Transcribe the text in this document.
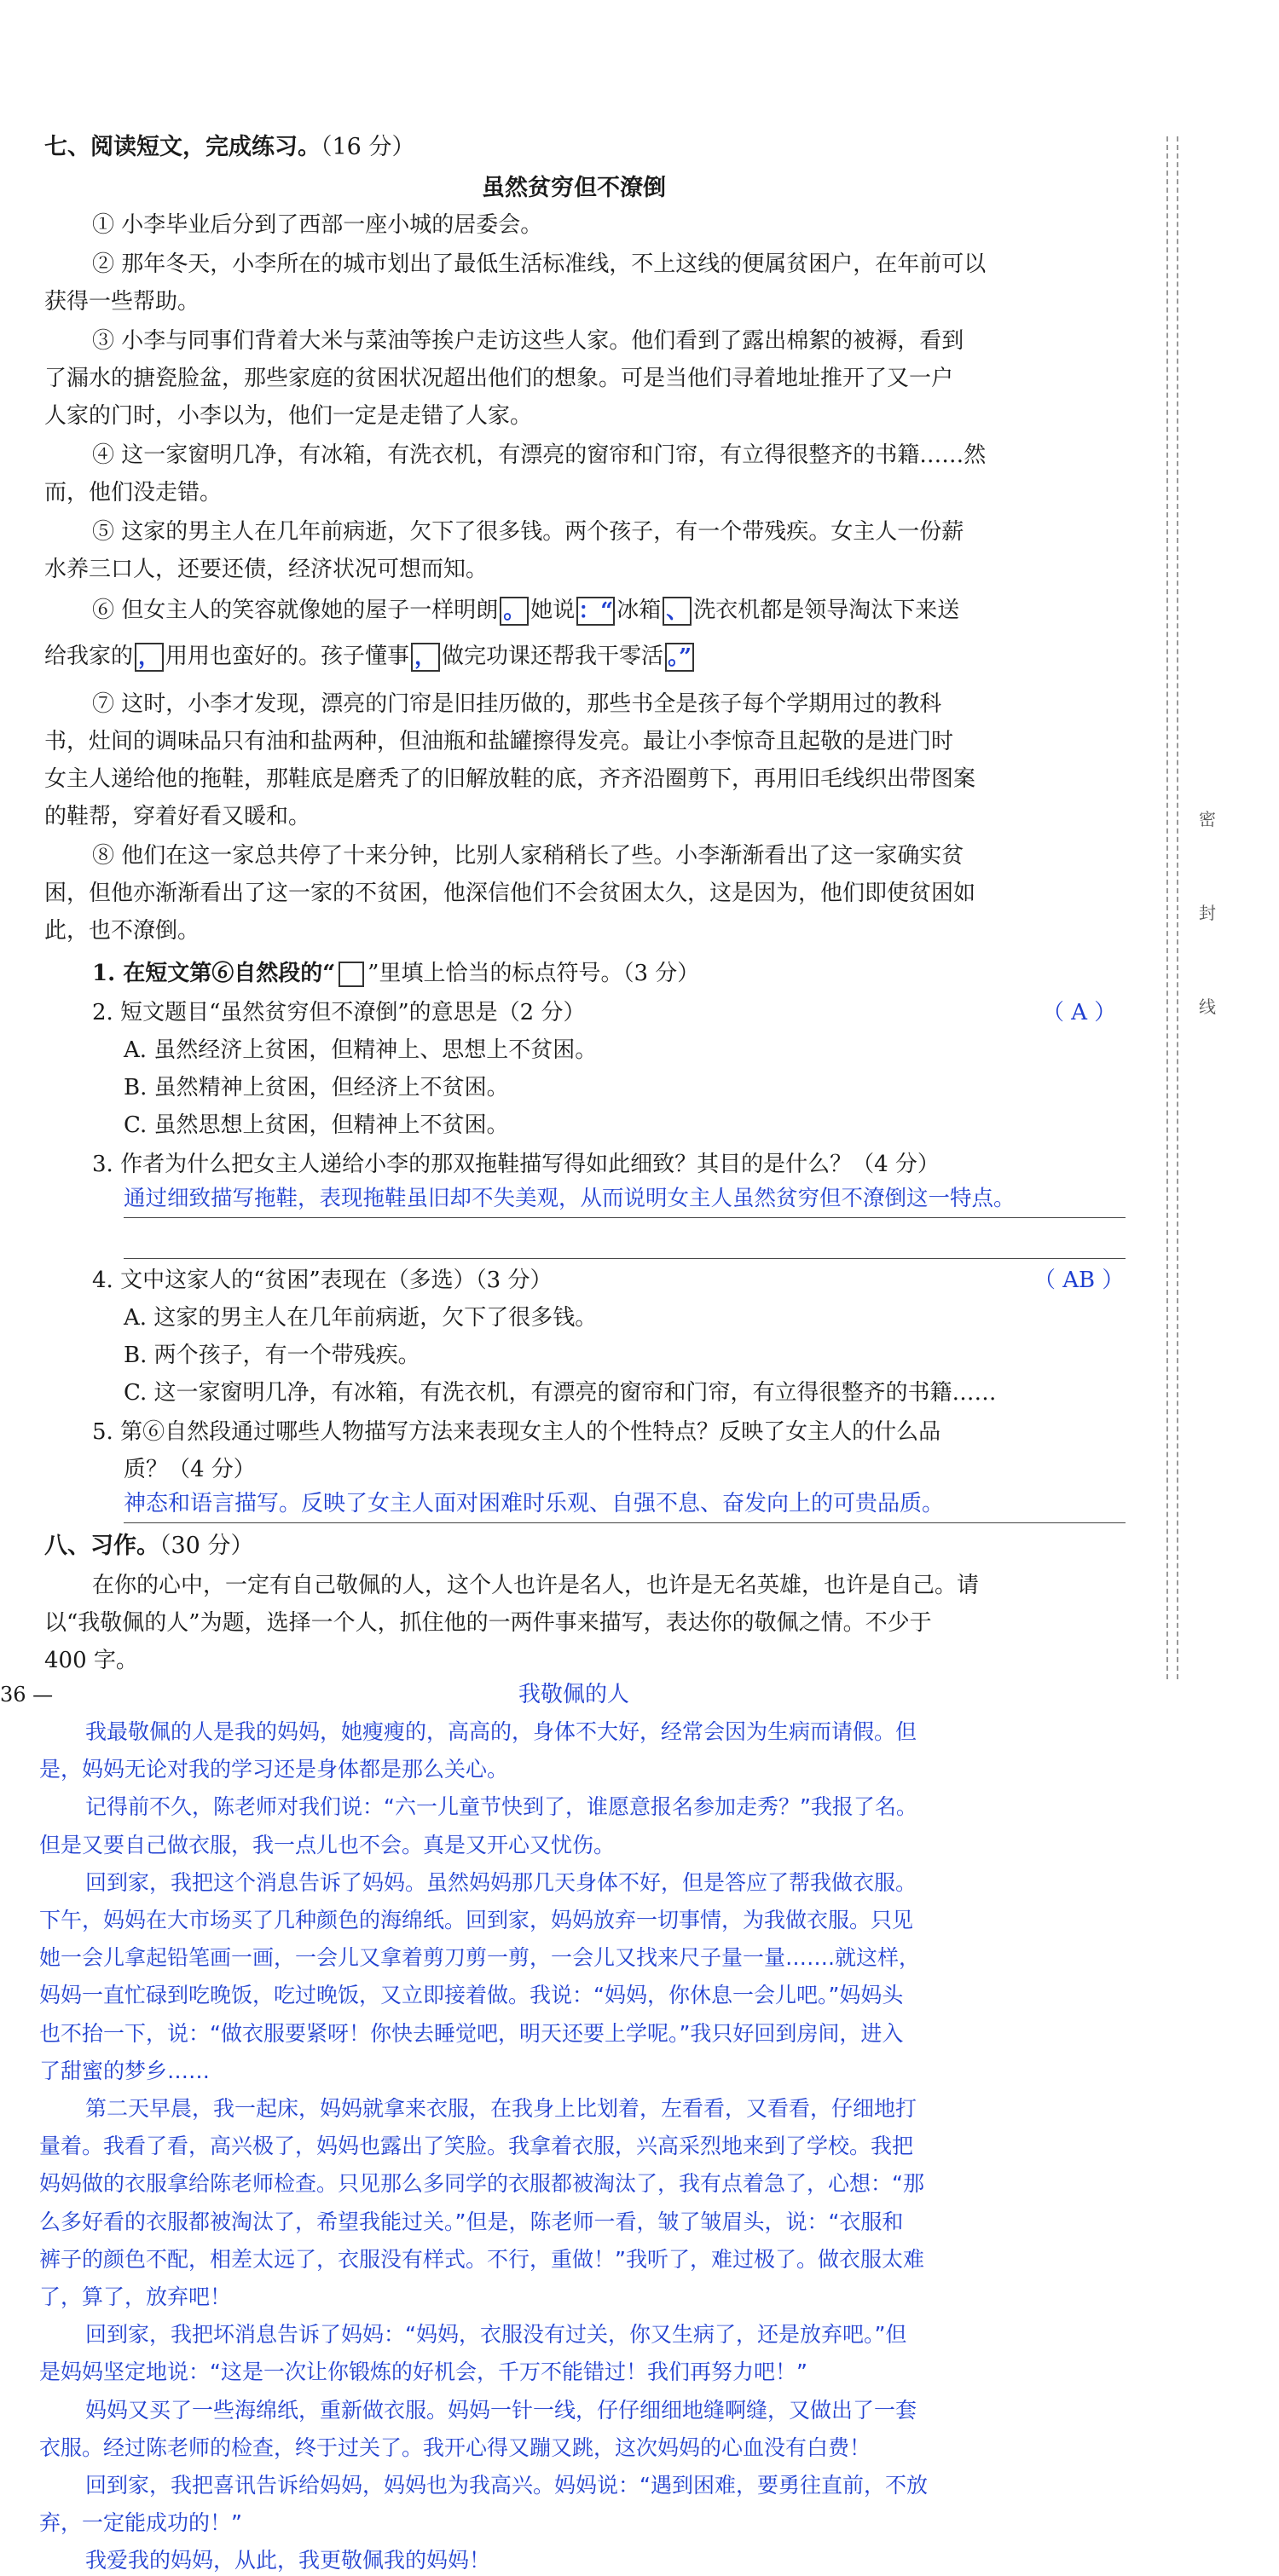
七、阅读短文，完成练习。（16 分）
虽然贫穷但不潦倒
① 小李毕业后分到了西部一座小城的居委会。
② 那年冬天，小李所在的城市划出了最低生活标准线，不上这线的便属贫困户，在年前可以
获得一些帮助。
③ 小李与同事们背着大米与菜油等挨户走访这些人家。他们看到了露出棉絮的被褥，看到
了漏水的搪瓷脸盆，那些家庭的贫困状况超出他们的想象。可是当他们寻着地址推开了又一户
人家的门时，小李以为，他们一定是走错了人家。
④ 这一家窗明几净，有冰箱，有洗衣机，有漂亮的窗帘和门帘，有立得很整齐的书籍……然
而，他们没走错。
⑤ 这家的男主人在几年前病逝，欠下了很多钱。两个孩子，有一个带残疾。女主人一份薪
水养三口人，还要还债，经济状况可想而知。
⑥ 但女主人的笑容就像她的屋子一样明朗 。 她说 ：“ 冰箱 、 洗衣机都是领导淘汰下来送
给我家的 ， 用用也蛮好的。孩子懂事 ， 做完功课还帮我干零活 。”
⑦ 这时，小李才发现，漂亮的门帘是旧挂历做的，那些书全是孩子每个学期用过的教科
书，灶间的调味品只有油和盐两种，但油瓶和盐罐擦得发亮。最让小李惊奇且起敬的是进门时
女主人递给他的拖鞋，那鞋底是磨秃了的旧解放鞋的底，齐齐沿圈剪下，再用旧毛线织出带图案
的鞋帮，穿着好看又暖和。
⑧ 他们在这一家总共停了十来分钟，比别人家稍稍长了些。小李渐渐看出了这一家确实贫
困，但他亦渐渐看出了这一家的不贫困，他深信他们不会贫困太久，这是因为，他们即使贫困如
此，也不潦倒。
1. 在短文第⑥自然段的“ ”里填上恰当的标点符号。（3 分）
2. 短文题目“虽然贫穷但不潦倒”的意思是（2 分）	（ A ）
A. 虽然经济上贫困，但精神上、思想上不贫困。
B. 虽然精神上贫困，但经济上不贫困。
C. 虽然思想上贫困，但精神上不贫困。
3. 作者为什么把女主人递给小李的那双拖鞋描写得如此细致？其目的是什么？（4 分）
通过细致描写拖鞋，表现拖鞋虽旧却不失美观，从而说明女主人虽然贫穷但不潦倒这一特点。
4. 文中这家人的“贫困”表现在（多选）（3 分）	（ AB ）
A. 这家的男主人在几年前病逝，欠下了很多钱。
B. 两个孩子，有一个带残疾。
C. 这一家窗明几净，有冰箱，有洗衣机，有漂亮的窗帘和门帘，有立得很整齐的书籍……
5. 第⑥自然段通过哪些人物描写方法来表现女主人的个性特点？反映了女主人的什么品
质？（4 分）
神态和语言描写。反映了女主人面对困难时乐观、自强不息、奋发向上的可贵品质。
八、习作。（30 分）
在你的心中，一定有自己敬佩的人，这个人也许是名人，也许是无名英雄，也许是自己。请
以“我敬佩的人”为题，选择一个人，抓住他的一两件事来描写，表达你的敬佩之情。不少于
400 字。
密
封
线
36 —	我敬佩的人
我最敬佩的人是我的妈妈，她瘦瘦的，高高的，身体不大好，经常会因为生病而请假。但
是，妈妈无论对我的学习还是身体都是那么关心。
记得前不久，陈老师对我们说：“六一儿童节快到了，谁愿意报名参加走秀？”我报了名。
但是又要自己做衣服，我一点儿也不会。真是又开心又忧伤。
回到家，我把这个消息告诉了妈妈。虽然妈妈那几天身体不好，但是答应了帮我做衣服。
下午，妈妈在大市场买了几种颜色的海绵纸。回到家，妈妈放弃一切事情，为我做衣服。只见
她一会儿拿起铅笔画一画，一会儿又拿着剪刀剪一剪，一会儿又找来尺子量一量…….就这样，
妈妈一直忙碌到吃晚饭，吃过晚饭，又立即接着做。我说：“妈妈，你休息一会儿吧。”妈妈头
也不抬一下，说：“做衣服要紧呀！你快去睡觉吧，明天还要上学呢。”我只好回到房间，进入
了甜蜜的梦乡……
第二天早晨，我一起床，妈妈就拿来衣服，在我身上比划着，左看看，又看看，仔细地打
量着。我看了看，高兴极了，妈妈也露出了笑脸。我拿着衣服，兴高采烈地来到了学校。我把
妈妈做的衣服拿给陈老师检查。只见那么多同学的衣服都被淘汰了，我有点着急了，心想：“那
么多好看的衣服都被淘汰了，希望我能过关。”但是，陈老师一看，皱了皱眉头，说：“衣服和
裤子的颜色不配，相差太远了，衣服没有样式。不行，重做！”我听了，难过极了。做衣服太难
了，算了，放弃吧！
回到家，我把坏消息告诉了妈妈：“妈妈，衣服没有过关，你又生病了，还是放弃吧。”但
是妈妈坚定地说：“这是一次让你锻炼的好机会，千万不能错过！我们再努力吧！”
妈妈又买了一些海绵纸，重新做衣服。妈妈一针一线，仔仔细细地缝啊缝，又做出了一套
衣服。经过陈老师的检查，终于过关了。我开心得又蹦又跳，这次妈妈的心血没有白费！
回到家，我把喜讯告诉给妈妈，妈妈也为我高兴。妈妈说：“遇到困难，要勇往直前，不放
弃，一定能成功的！”
我爱我的妈妈，从此，我更敬佩我的妈妈！
